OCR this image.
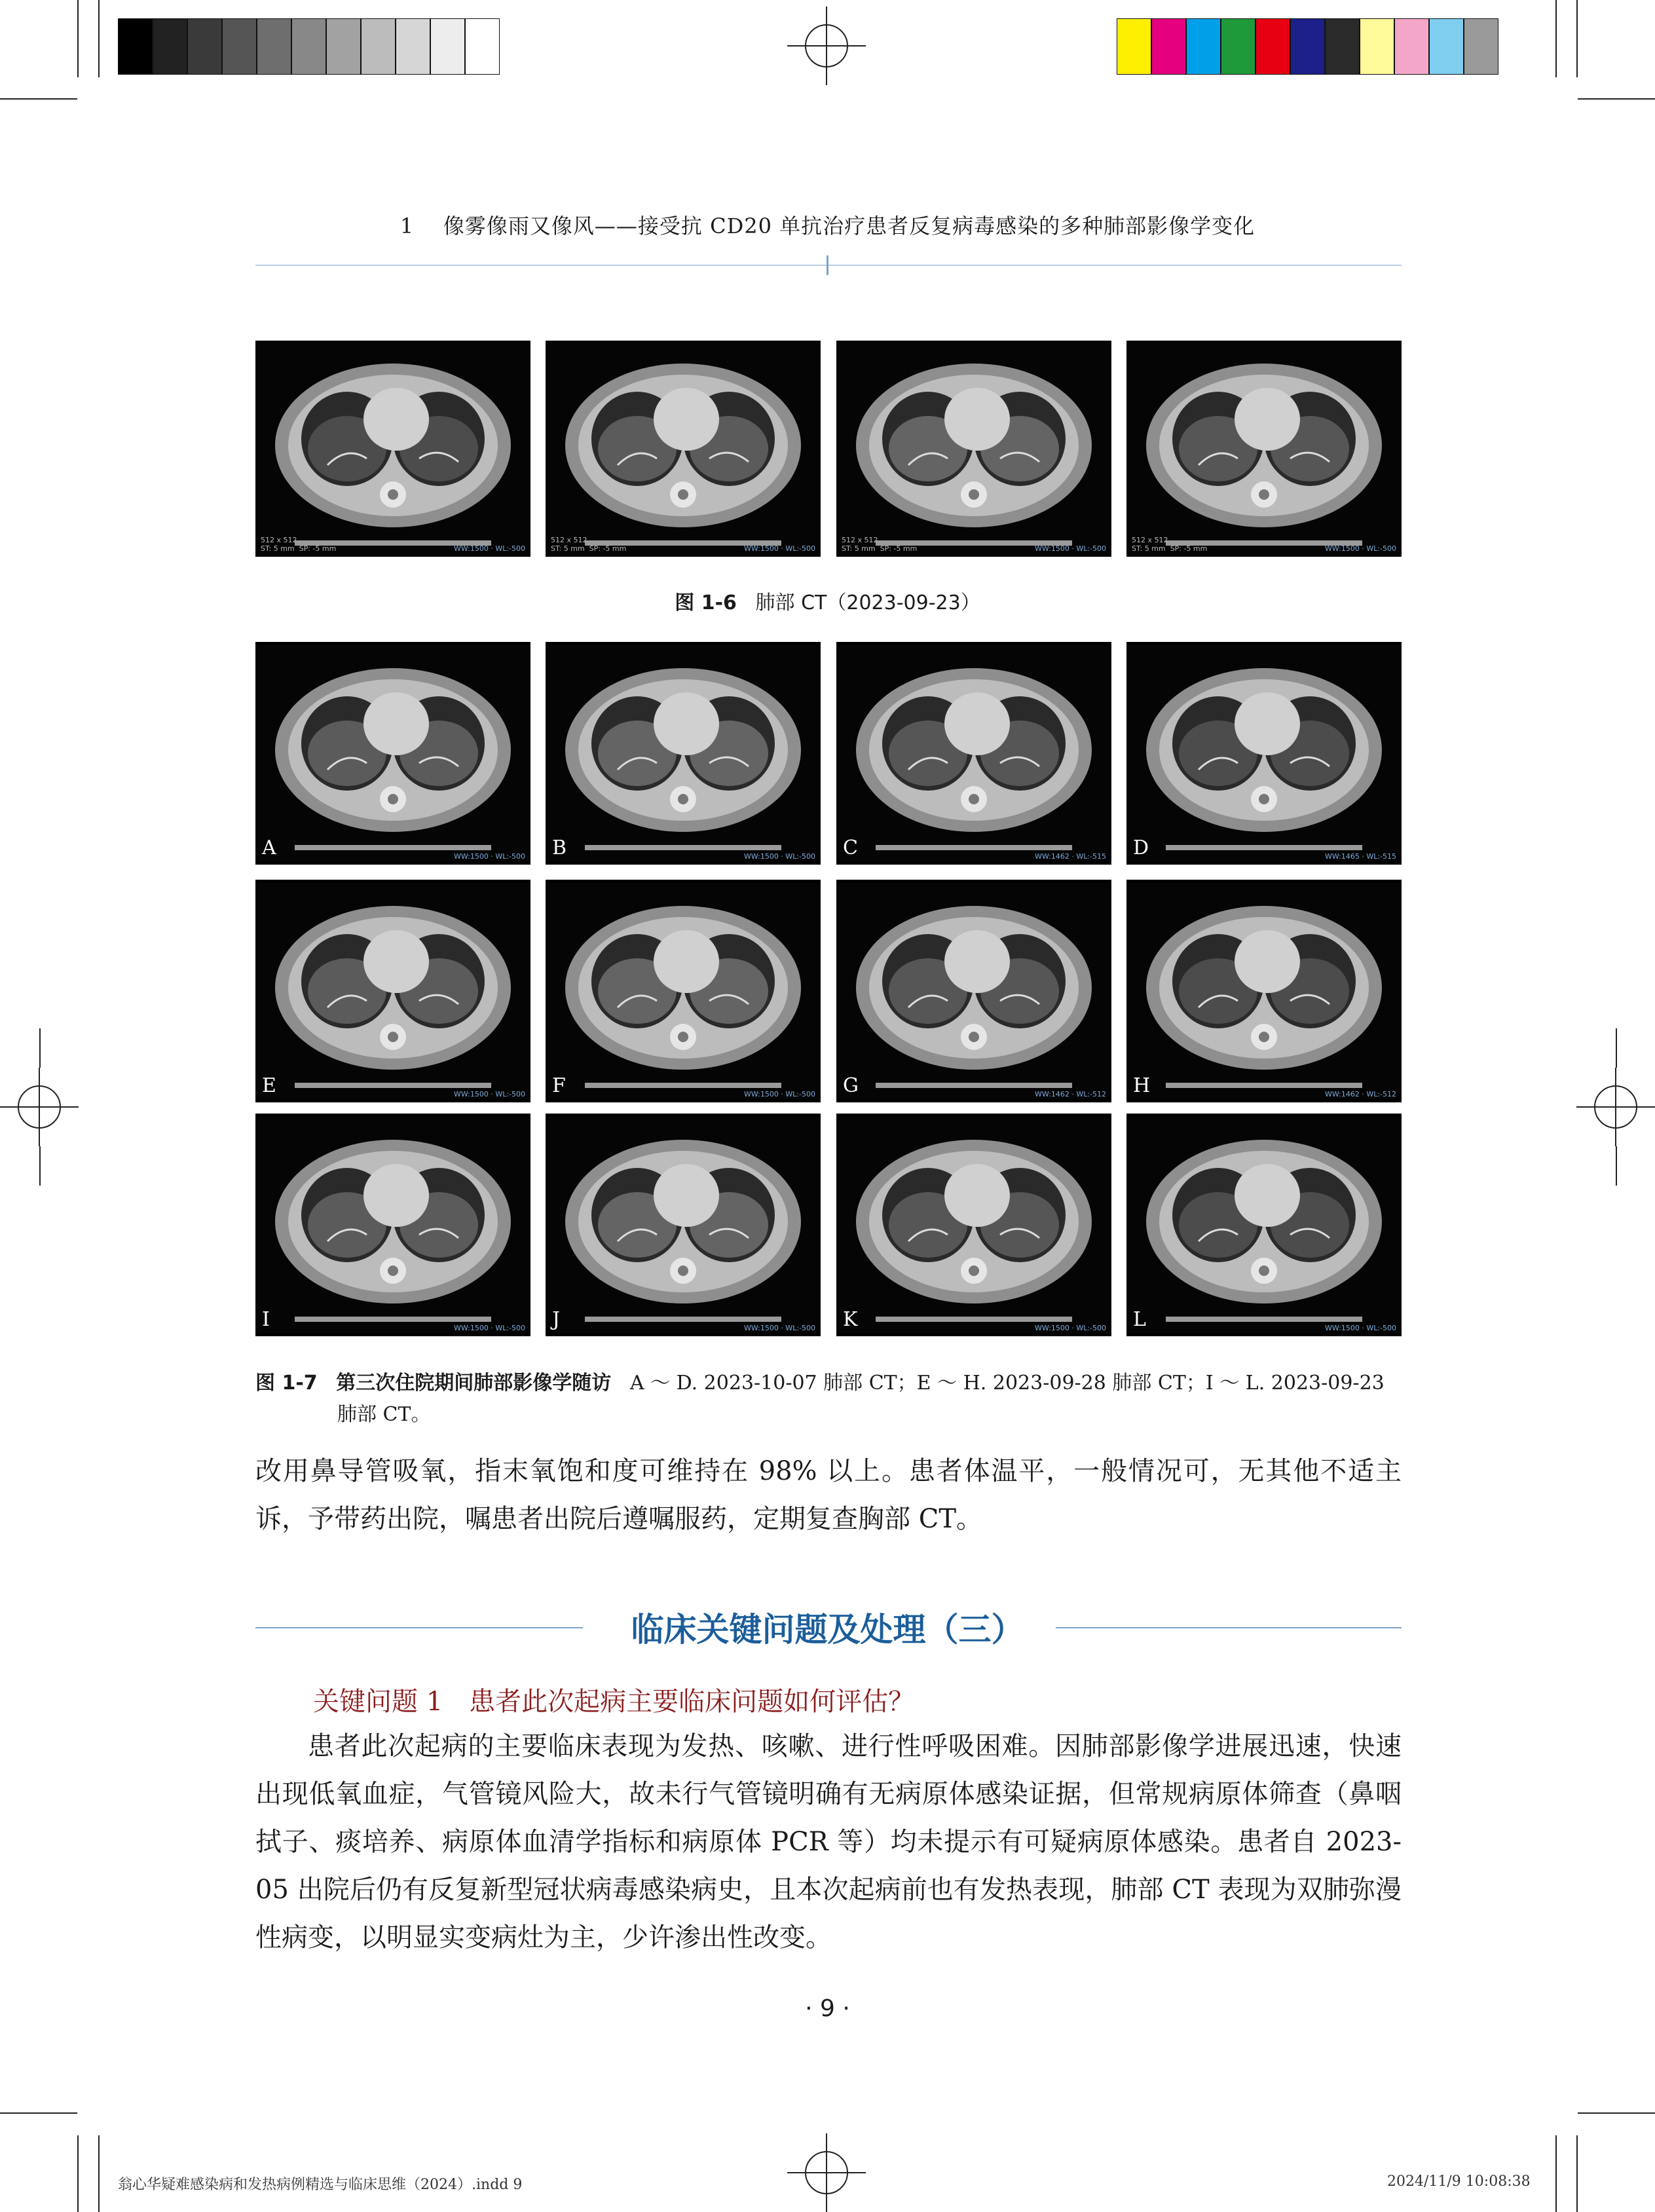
1 像雾像雨又像风——接受抗 CD20 单抗治疗患者反复病毒感染的多种肺部影像学变化
512 x 512
ST: 5 mm  SP: -5 mm	WW:1500 · WL:-500
512 x 512
ST: 5 mm  SP: -5 mm	WW:1500 · WL:-500
512 x 512
ST: 5 mm  SP: -5 mm	WW:1500 · WL:-500
512 x 512
ST: 5 mm  SP: -5 mm	WW:1500 · WL:-500
图 1-6 肺部 CT（2023-09-23）
A	WW:1500 · WL:-500 B	WW:1500 · WL:-500 C	WW:1462 · WL:-515 D	WW:1465 · WL:-515
E	WW:1500 · WL:-500 F	WW:1500 · WL:-500 G	WW:1462 · WL:-512 H	WW:1462 · WL:-512
I	WW:1500 · WL:-500 J	WW:1500 · WL:-500 K	WW:1500 · WL:-500 L	WW:1500 · WL:-500
图 1-7 第三次住院期间肺部影像学随访 A ～ D. 2023-10-07 肺部 CT；E ～ H. 2023-09-28 肺部 CT；I ～ L. 2023-09-23
肺部 CT。
改用鼻导管吸氧，指末氧饱和度可维持在 98% 以上。患者体温平，一般情况可，无其他不适主诉，予带药出院，嘱患者出院后遵嘱服药，定期复查胸部 CT。
临床关键问题及处理（三）
关键问题 1　患者此次起病主要临床问题如何评估？
患者此次起病的主要临床表现为发热、咳嗽、进行性呼吸困难。因肺部影像学进展迅速，快速出现低氧血症，气管镜风险大，故未行气管镜明确有无病原体感染证据，但常规病原体筛查（鼻咽拭子、痰培养、病原体血清学指标和病原体 PCR 等）均未提示有可疑病原体感染。患者自 2023-05 出院后仍有反复新型冠状病毒感染病史，且本次起病前也有发热表现，肺部 CT 表现为双肺弥漫性病变，以明显实变病灶为主，少许渗出性改变。
· 9 ·
翁心华疑难感染病和发热病例精选与临床思维（2024）.indd 9	2024/11/9 10:08:38
